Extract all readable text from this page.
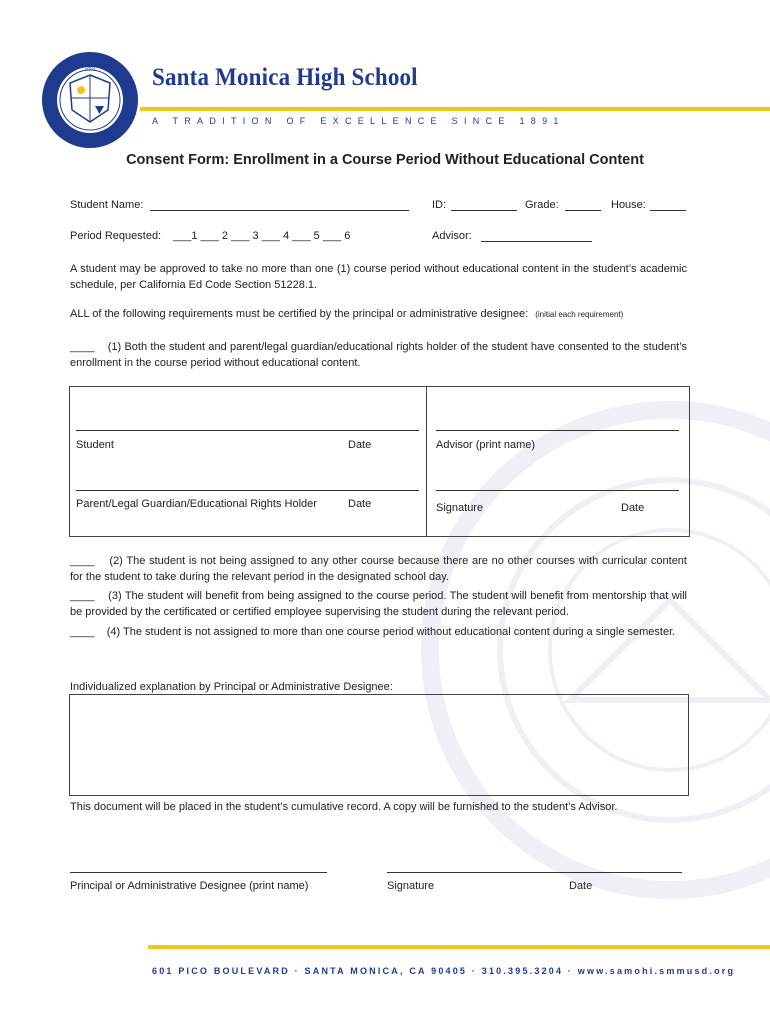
1891 Santa Monica High School
A TRADITION OF EXCELLENCE SINCE 1891
Consent Form: Enrollment in a Course Period Without Educational Content
Student Name:	ID:	Grade:	House:
Period Requested: ___1 ___ 2 ___ 3 ___ 4 ___ 5 ___ 6	Advisor:
A student may be approved to take no more than one (1) course period without educational content in the student’s academic schedule, per California Ed Code Section 51228.1.
ALL of the following requirements must be certified by the principal or administrative designee: (initial each requirement)
____ (1) Both the student and parent/legal guardian/educational rights holder of the student have consented to the student’s enrollment in the course period without educational content.
Student	Date	Advisor (print name)
Parent/Legal Guardian/Educational Rights Holder	Date	Signature	Date
____ (2) The student is not being assigned to any other course because there are no other courses with curricular content for the student to take during the relevant period in the designated school day.
____ (3) The student will benefit from being assigned to the course period. The student will benefit from mentorship that will be provided by the certificated or certified employee supervising the student during the relevant period.
____ (4) The student is not assigned to more than one course period without educational content during a single semester.
Individualized explanation by Principal or Administrative Designee:
This document will be placed in the student’s cumulative record. A copy will be furnished to the student’s Advisor.
Principal or Administrative Designee (print name)	Signature	Date
601 PICO BOULEVARD · SANTA MONICA, CA 90405 · 310.395.3204 · www.samohi.smmusd.org
